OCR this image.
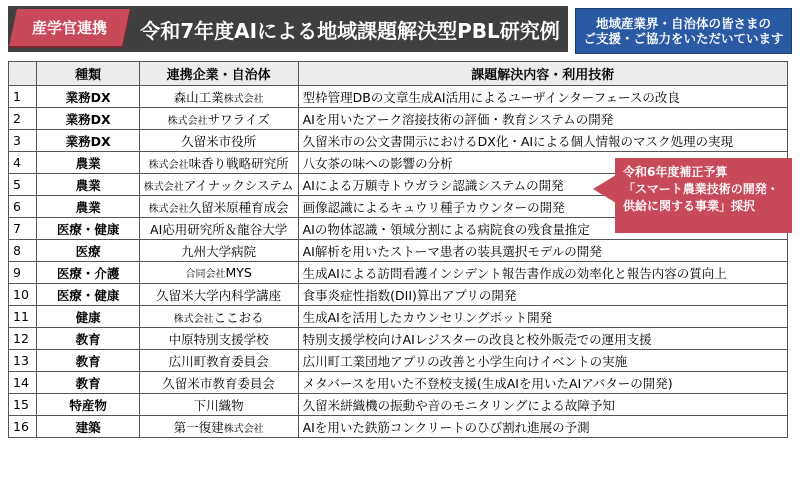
産学官連携	令和7年度AIによる地域課題解決型PBL研究例	地域産業界・自治体の皆さまの
ご支援・ご協力をいただいています
	種類	連携企業・自治体	課題解決内容・利用技術
1	業務DX	森山工業株式会社	型枠管理DBの文章生成AI活用によるユーザインターフェースの改良
2	業務DX	株式会社サワライズ	AIを用いたアーク溶接技術の評価・教育システムの開発
3	業務DX	久留米市役所	久留米市の公文書開示におけるDX化・AIによる個人情報のマスク処理の実現
4	農業	株式会社味香り戦略研究所	八女茶の味への影響の分析
5	農業	株式会社アイナックシステム	AIによる万願寺トウガラシ認識システムの開発
6	農業	株式会社久留米原種育成会	画像認識によるキュウリ種子カウンターの開発
7	医療・健康	AI応用研究所＆龍谷大学	AIの物体認識・領域分割による病院食の残食量推定
8	医療	九州大学病院	AI解析を用いたストーマ患者の装具選択モデルの開発
9	医療・介護	合同会社MYS	生成AIによる訪問看護インシデント報告書作成の効率化と報告内容の質向上
10	医療・健康	久留米大学内科学講座	食事炎症性指数(DII)算出アプリの開発
11	健康	株式会社ここおる	生成AIを活用したカウンセリングボット開発
12	教育	中原特別支援学校	特別支援学校向けAIレジスターの改良と校外販売での運用支援
13	教育	広川町教育委員会	広川町工業団地アプリの改善と小学生向けイベントの実施
14	教育	久留米市教育委員会	メタバースを用いた不登校支援(生成AIを用いたAIアバターの開発)
15	特産物	下川織物	久留米絣織機の振動や音のモニタリングによる故障予知
16	建築	第一復建株式会社	AIを用いた鉄筋コンクリートのひび割れ進展の予測
令和6年度補正予算
「スマート農業技術の開発・
供給に関する事業」採択
